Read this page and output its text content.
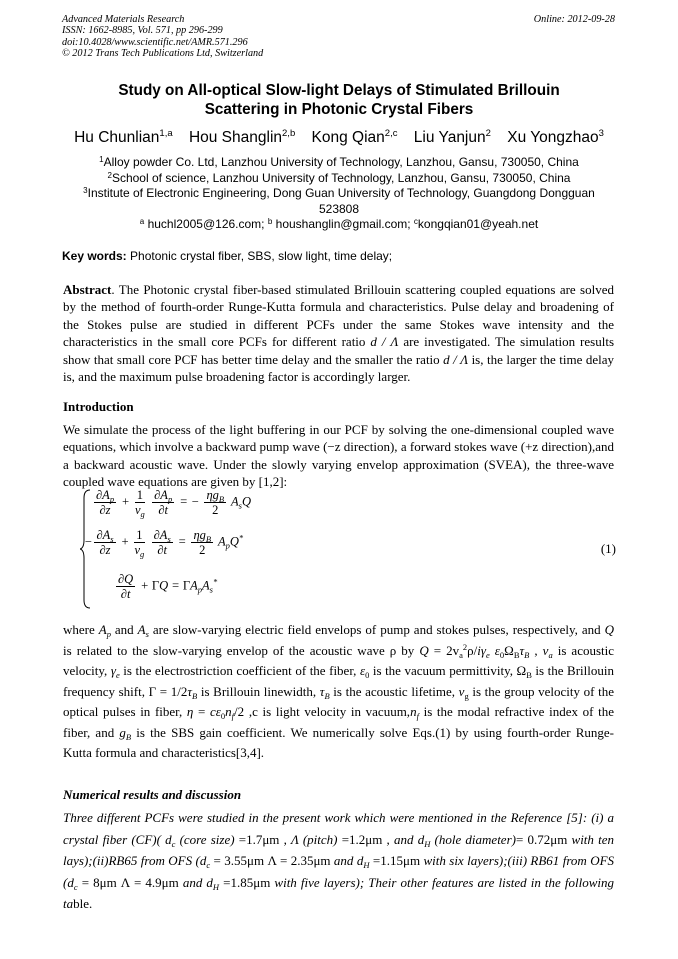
Advanced Materials Research
ISSN: 1662-8985, Vol. 571, pp 296-299
doi:10.4028/www.scientific.net/AMR.571.296
© 2012 Trans Tech Publications Ltd, Switzerland
Online: 2012-09-28
Study on All-optical Slow-light Delays of Stimulated Brillouin
Scattering in Photonic Crystal Fibers
Hu Chunlian$^{1,a}$ Hou Shanglin$^{2,b}$ Kong Qian$^{2,c}$ Liu Yanjun$^2$ Xu Yongzhao$^3$
$^1$Alloy powder Co. Ltd, Lanzhou University of Technology, Lanzhou, Gansu, 730050, China
$^2$School of science, Lanzhou University of Technology, Lanzhou, Gansu, 730050, China
$^3$Institute of Electronic Engineering, Dong Guan University of Technology, Guangdong Dongguan 523808
$^a$ huchl2005@126.com; $^b$ houshanglin@gmail.com; $^c$kongqian01@yeah.net
Key words: Photonic crystal fiber, SBS, slow light, time delay;
Abstract. The Photonic crystal fiber-based stimulated Brillouin scattering coupled equations are solved by the method of fourth-order Runge-Kutta formula and characteristics. Pulse delay and broadening of the Stokes pulse are studied in different PCFs under the same Stokes wave intensity and the characteristics in the small core PCFs for different ratio d / Λ are investigated. The simulation results show that small core PCF has better time delay and the smaller the ratio d / Λ is, the larger the time delay is, and the maximum pulse broadening factor is accordingly larger.
Introduction
We simulate the process of the light buffering in our PCF by solving the one-dimensional coupled wave equations, which involve a backward pump wave (−z direction), a forward stokes wave (+z direction),and a backward acoustic wave. Under the slowly varying envelop approximation (SVEA), the three-wave coupled wave equations are given by [1,2]:
$\frac{\partial A_p}{\partial z} + \frac{1}{v_g}$
$\frac{\partial A_p}{\partial t}$ = − $\frac{\eta g_B}{2} A_sQ$
− $\frac{\partial A_s}{\partial z} + \frac{1}{v_g}$
$\frac{\partial A_s}{\partial t} = \frac{\eta g_B}{2} A_pQ^*$
$\frac{\partial Q}{\partial t} + \Gamma Q = \Gamma A_pA_s^*$
(1)
where $A_p$ and $A_s$ are slow-varying electric field envelops of pump and stokes pulses, respectively, and Q is related to the slow-varying envelop of the acoustic wave ρ by $Q = 2v_a^2\rho/i\gamma_e$ $\varepsilon_0\Omega_B\tau_B$ , $v_a$ is acoustic velocity, $\gamma_e$ is the electrostriction coefficient of the fiber, $\varepsilon_0$ is the vacuum permittivity, $\Omega_B$ is the Brillouin frequency shift, $\Gamma = 1/2\tau_B$ is Brillouin linewidth, $\tau_B$ is the acoustic lifetime, $v_g$ is the group velocity of the optical pulses in fiber, $\eta = c\varepsilon_0n_f/2$ ,c is light velocity in $vacuum,n_f$ is the modal refractive index of the fiber, and $g_B$ is the SBS gain coefficient. We numerically solve Eqs.(1) by using fourth-order Runge-Kutta formula and characteristics[3,4].
Numerical results and discussion
Three different PCFs were studied in the present work which were mentioned in the Reference [5]: (i) a crystal fiber (CF)( $d_c$ (core size) =1.7μm , Λ (pitch) =1.2μm , and $d_H$ (hole diameter)= 0.72μm with ten lays);(ii)RB65 from OFS ($d_c = 3.55\mu m$ Λ = 2.35μm and $d_H =1.15\mu m$ with six layers);(iii) RB61 from OFS ($d_c = 8\mu m$ Λ = 4.9μm and $d_H =1.85\mu m$ with five layers); Their other features are listed in the following table.
